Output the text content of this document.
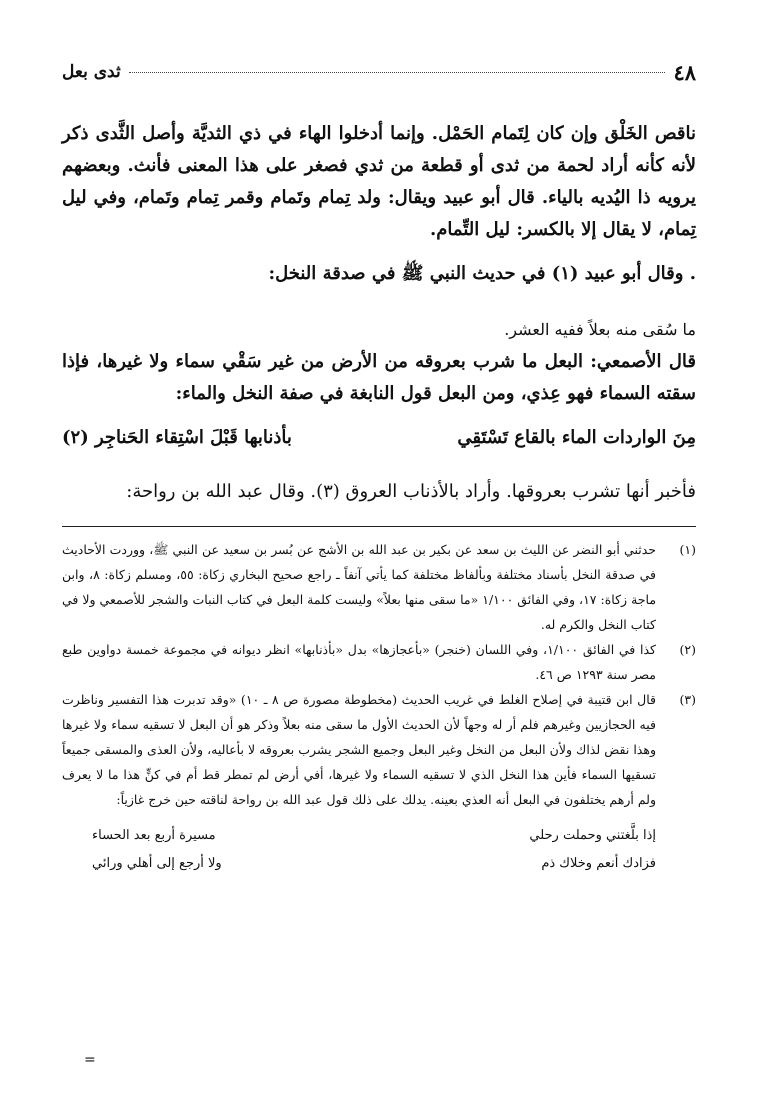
٤٨
ثدى بعل

ناقص الخَلْق وإن كان لِتَمام الحَمْل. وإنما أدخلوا الهاء في ذي الثديَّة وأصل الثَّدى ذكر لأنه كأنه أراد لحمة من ثدى أو قطعة من ثدي فصغر على هذا المعنى فأنث. وبعضهم يرويه ذا اليُديه بالياء. قال أبو عبيد ويقال: ولد تِمام وتَمام وقمر تِمام وتَمام، وفي ليل تِمام، لا يقال إلا بالكسر: ليل التِّمام.

. وقال أبو عبيد (١) في حديث النبي ﷺ في صدقة النخل:

ما سُقى منه بعلاً ففيه العشر.

قال الأصمعي: البعل ما شرب بعروقه من الأرض من غير سَقْي سماء ولا غيرها، فإذا سقته السماء فهو عِذي، ومن البعل قول النابغة في صفة النخل والماء:

مِنَ الواردات الماء بالقاع تَسْتَقِي
بأذنابها قَبْلَ اسْتِقاء الحَناجِر (٢)

فأخبر أنها تشرب بعروقها. وأراد بالأذناب العروق (٣). وقال عبد الله بن رواحة:

(١)
حدثني أبو النضر عن الليث بن سعد عن بكير بن عبد الله بن الأشج عن بُسر بن سعيد عن النبي ﷺ، ووردت الأحاديث في صدقة النخل بأسناد مختلفة وبألفاظ مختلفة كما يأتي آنفاً ـ راجع صحيح البخاري زكاة: ٥٥، ومسلم زكاة: ٨، وابن ماجة زكاة: ١٧، وفي الفائق ١/١٠٠ «ما سقى منها بعلاً» وليست كلمة البعل في كتاب النبات والشجر للأصمعي ولا في كتاب النخل والكرم له.
(٢)
كذا في الفائق ١/١٠٠، وفي اللسان (خنجر) «بأعجازها» بدل «بأذنابها» انظر ديوانه في مجموعة خمسة دواوين طبع مصر سنة ١٢٩٣ ص ٤٦.
(٣)
قال ابن قتيبة في إصلاح الغلط في غريب الحديث (مخطوطة مصورة ص ٨ ـ ١٠) «وقد تدبرت هذا التفسير وناظرت فيه الحجازيين وغيرهم فلم أر له وجهاً لأن الحديث الأول ما سقى منه بعلاً وذكر هو أن البعل لا تسقيه سماء ولا غيرها وهذا نقض لذاك ولأن البعل من النخل وغير البعل وجميع الشجر يشرب بعروقه لا بأعاليه، ولأن العذى والمسقى جميعاً تسقيها السماء فأين هذا النخل الذي لا تسقيه السماء ولا غيرها، أفي أرض لم تمطر قط أم في كنٍّ هذا ما لا يعرف ولم أرهم يختلفون في البعل أنه العذي بعينه. يدلك على ذلك قول عبد الله بن رواحة لناقته حين خرج غازياً:
إذا بلَّغتني وحملت رحلي
مسيرة أربع بعد الحساء
فزادك أنعم وخلاك ذم
ولا أرجع إلى أهلي ورائي
=
